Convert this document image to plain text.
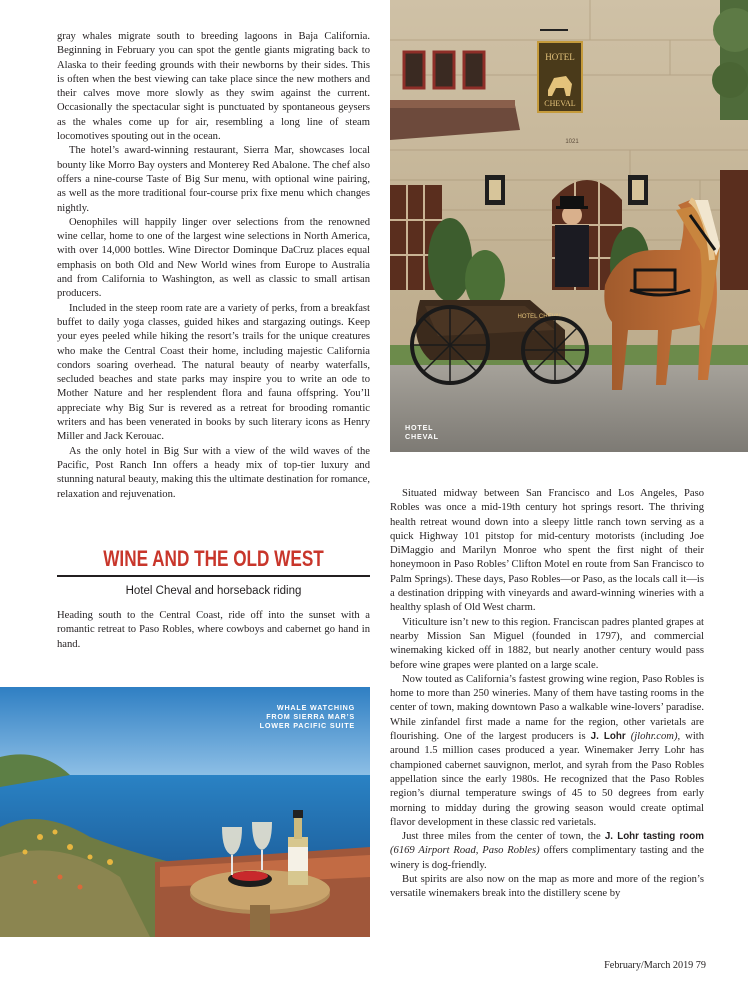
gray whales migrate south to breeding lagoons in Baja California. Beginning in February you can spot the gentle giants migrating back to Alaska to their feeding grounds with their newborns by their sides. This is often when the best viewing can take place since the new mothers and their calves move more slowly as they swim against the current. Occasionally the spectacular sight is punctuated by spontaneous geysers as the whales come up for air, resembling a long line of steam locomotives spouting out in the ocean.

The hotel’s award-winning restaurant, Sierra Mar, showcases local bounty like Morro Bay oysters and Monterey Red Abalone. The chef also offers a nine-course Taste of Big Sur menu, with optional wine pairing, as well as the more traditional four-course prix fixe menu which changes nightly.

Oenophiles will happily linger over selections from the renowned wine cellar, home to one of the largest wine selections in North America, with over 14,000 bottles. Wine Director Dominque DaCruz places equal emphasis on both Old and New World wines from Europe to Australia and from California to Washington, as well as classic to small artisan producers.

Included in the steep room rate are a variety of perks, from a breakfast buffet to daily yoga classes, guided hikes and stargazing outings. Keep your eyes peeled while hiking the resort’s trails for the unique creatures who make the Central Coast their home, including majestic California condors soaring overhead. The natural beauty of nearby waterfalls, secluded beaches and state parks may inspire you to write an ode to Mother Nature and her resplendent flora and fauna offspring. You’ll appreciate why Big Sur is revered as a retreat for brooding romantic writers and has been venerated in books by such literary icons as Henry Miller and Jack Kerouac.

As the only hotel in Big Sur with a view of the wild waves of the Pacific, Post Ranch Inn offers a heady mix of top-tier luxury and stunning natural beauty, making this the ultimate destination for romance, relaxation and rejuvenation.

WINE AND THE OLD WEST
Hotel Cheval and horseback riding

Heading south to the Central Coast, ride off into the sunset with a romantic retreat to Paso Robles, where cowboys and cabernet go hand in hand.

HOTEL
CHEVAL
1021
HOTEL CHEVAL
HOTEL
CHEVAL

Situated midway between San Francisco and Los Angeles, Paso Robles was once a mid-19th century hot springs resort. The thriving health retreat wound down into a sleepy little ranch town serving as a quick Highway 101 pitstop for mid-century motorists (including Joe DiMaggio and Marilyn Monroe who spent the first night of their honeymoon in Paso Robles’ Clifton Motel en route from San Francisco to Palm Springs). These days, Paso Robles—or Paso, as the locals call it—is a destination dripping with vineyards and award-winning wineries with a healthy splash of Old West charm.

Viticulture isn’t new to this region. Franciscan padres planted grapes at nearby Mission San Miguel (founded in 1797), and commercial winemaking kicked off in 1882, but nearly another century would pass before wine grapes were planted on a large scale.

Now touted as California’s fastest growing wine region, Paso Robles is home to more than 250 wineries. Many of them have tasting rooms in the center of town, making downtown Paso a walkable wine-lovers’ paradise. While zinfandel first made a name for the region, other varietals are flourishing. One of the largest producers is J. Lohr (jlohr.com), with around 1.5 million cases produced a year. Winemaker Jerry Lohr has championed cabernet sauvignon, merlot, and syrah from the Paso Robles appellation since the early 1980s. He recognized that the Paso Robles region’s diurnal temperature swings of 45 to 50 degrees from early morning to midday during the growing season would create optimal flavor development in these classic red varietals.

Just three miles from the center of town, the J. Lohr tasting room (6169 Airport Road, Paso Robles) offers complimentary tasting and the winery is dog-friendly.

But spirits are also now on the map as more and more of the region’s versatile winemakers break into the distillery scene by

WHALE WATCHING
FROM SIERRA MAR’S
LOWER PACIFIC SUITE
February/March 2019 79
